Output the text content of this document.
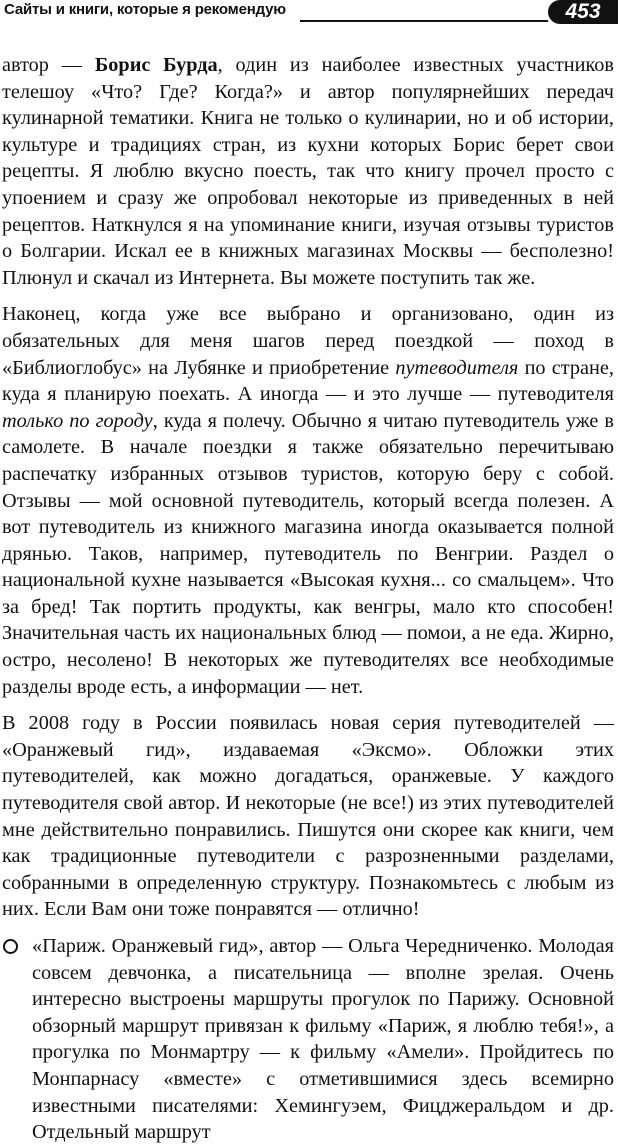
Сайты и книги, которые я рекомендую	453

автор — Борис Бурда, один из наиболее известных участников телешоу «Что? Где? Когда?» и автор популярнейших передач кулинарной тематики. Книга не только о кулинарии, но и об истории, культуре и традициях стран, из кухни которых Борис берет свои рецепты. Я люблю вкусно поесть, так что книгу прочел просто с упоением и сразу же опробовал некоторые из приведенных в ней рецептов. Наткнулся я на упоминание книги, изучая отзывы туристов о Болгарии. Искал ее в книжных магазинах Москвы — бесполезно! Плюнул и скачал из Интернета. Вы можете поступить так же.

Наконец, когда уже все выбрано и организовано, один из обязательных для меня шагов перед поездкой — поход в «Библиоглобус» на Лубянке и приобретение путеводителя по стране, куда я планирую поехать. А иногда — и это лучше — путеводителя только по городу, куда я полечу. Обычно я читаю путеводитель уже в самолете. В начале поездки я также обязательно перечитываю распечатку избранных отзывов туристов, которую беру с собой. Отзывы — мой основной путеводитель, который всегда полезен. А вот путеводитель из книжного магазина иногда оказывается полной дрянью. Таков, например, путеводитель по Венгрии. Раздел о национальной кухне называется «Высокая кухня... со смальцем». Что за бред! Так портить продукты, как венгры, мало кто способен! Значительная часть их национальных блюд — помои, а не еда. Жирно, остро, несолено! В некоторых же путеводителях все необходимые разделы вроде есть, а информации — нет.

В 2008 году в России появилась новая серия путеводителей — «Оранжевый гид», издаваемая «Эксмо». Обложки этих путеводителей, как можно догадаться, оранжевые. У каждого путеводителя свой автор. И некоторые (не все!) из этих путеводителей мне действительно понравились. Пишутся они скорее как книги, чем как традиционные путеводители с разрозненными разделами, собранными в определенную структуру. Познакомьтесь с любым из них. Если Вам они тоже понравятся — отлично!

«Париж. Оранжевый гид», автор — Ольга Чередниченко. Молодая совсем девчонка, а писательница — вполне зрелая. Очень интересно выстроены маршруты прогулок по Парижу. Основной обзорный маршрут привязан к фильму «Париж, я люблю тебя!», а прогулка по Монмартру — к фильму «Амели». Пройдитесь по Монпарнасу «вместе» с отметившимися здесь всемирно известными писателями: Хемингуэем, Фицджеральдом и др. Отдельный маршрут
